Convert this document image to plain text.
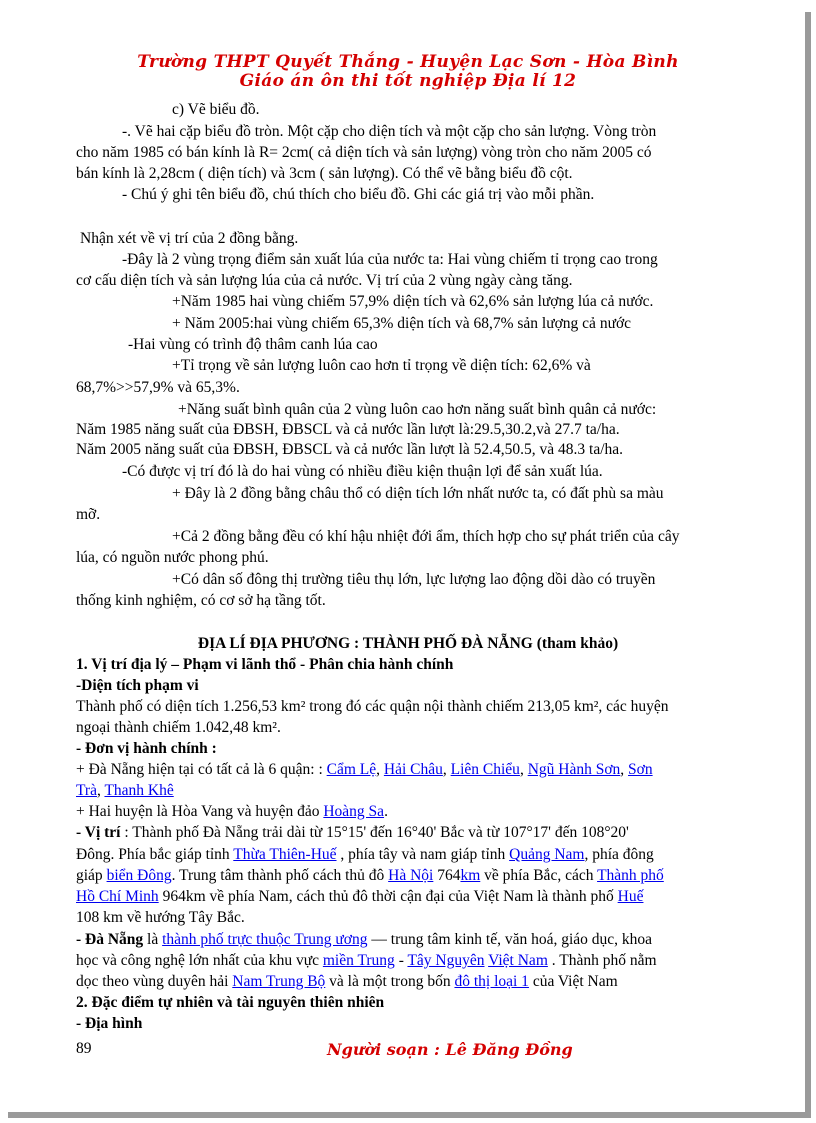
Trường THPT Quyết Thắng - Huyện Lạc Sơn - Hòa Bình
Giáo án ôn thi tốt nghiệp Địa lí 12
c) Vẽ biểu đồ.
-. Vẽ hai cặp biểu đồ tròn. Một cặp cho diện tích và một cặp cho sản lượng. Vòng tròn
cho năm 1985 có bán kính là R= 2cm( cả diện tích và sản lượng) vòng tròn cho năm 2005 có
bán kính là 2,28cm ( diện tích) và 3cm ( sản lượng). Có thể vẽ bằng biểu đồ cột.
- Chú ý ghi tên biểu đồ, chú thích cho biểu đồ. Ghi các giá trị vào mỗi phần.
Nhận xét về vị trí của 2 đồng bằng.
-Đây là 2 vùng trọng điểm sản xuất lúa của nước ta: Hai vùng chiếm tỉ trọng cao trong
cơ cấu diện tích và sản lượng lúa của cả nước. Vị trí của 2 vùng ngày càng tăng.
+Năm 1985 hai vùng chiếm 57,9% diện tích và 62,6% sản lượng lúa cả nước.
+ Năm 2005:hai vùng chiếm 65,3% diện tích và 68,7% sản lượng cả nước
-Hai vùng có trình độ thâm canh lúa cao
+Tỉ trọng về sản lượng luôn cao hơn tỉ trọng về diện tích: 62,6% và
68,7%>>57,9% và 65,3%.
+Năng suất bình quân của 2 vùng luôn cao hơn năng suất bình quân cả nước:
Năm 1985 năng suất của ĐBSH, ĐBSCL và cả nước lần lượt là:29.5,30.2,và 27.7 ta/ha.
Năm 2005 năng suất của ĐBSH, ĐBSCL và cả nước lần lượt là 52.4,50.5, và 48.3 ta/ha.
-Có được vị trí đó là do hai vùng có nhiều điều kiện thuận lợi để sản xuất lúa.
+ Đây là 2 đồng bằng châu thổ có diện tích lớn nhất nước ta, có đất phù sa màu
mỡ.
+Cả 2 đồng bằng đều có khí hậu nhiệt đới ẩm, thích hợp cho sự phát triển của cây
lúa, có nguồn nước phong phú.
+Có dân số đông thị trường tiêu thụ lớn, lực lượng lao động dồi dào có truyền
thống kinh nghiệm, có cơ sở hạ tầng tốt.
ĐỊA LÍ ĐỊA PHƯƠNG : THÀNH PHỐ ĐÀ NẴNG (tham khảo)
1. Vị trí địa lý – Phạm vi lãnh thổ - Phân chia hành chính
-Diện tích phạm vi
Thành phố có diện tích 1.256,53 km² trong đó các quận nội thành chiếm 213,05 km², các huyện
ngoại thành chiếm 1.042,48 km².
- Đơn vị hành chính :
+ Đà Nẵng hiện tại có tất cả là 6 quận: : Cẩm Lệ, Hải Châu, Liên Chiểu, Ngũ Hành Sơn, Sơn
Trà, Thanh Khê
+ Hai huyện là Hòa Vang và huyện đảo Hoàng Sa.
- Vị trí : Thành phố Đà Nẵng trải dài từ 15°15' đến 16°40' Bắc và từ 107°17' đến 108°20'
Đông. Phía bắc giáp tỉnh Thừa Thiên-Huế , phía tây và nam giáp tỉnh Quảng Nam, phía đông
giáp biển Đông. Trung tâm thành phố cách thủ đô Hà Nội 764km về phía Bắc, cách Thành phố
Hồ Chí Minh 964km về phía Nam, cách thủ đô thời cận đại của Việt Nam là thành phố Huế
108 km về hướng Tây Bắc.
- Đà Nẵng là thành phố trực thuộc Trung ương — trung tâm kinh tế, văn hoá, giáo dục, khoa
học và công nghệ lớn nhất của khu vực miền Trung - Tây Nguyên Việt Nam . Thành phố nằm
dọc theo vùng duyên hải Nam Trung Bộ và là một trong bốn đô thị loại 1 của Việt Nam
2. Đặc điểm tự nhiên và tài nguyên thiên nhiên
- Địa hình
89	Người soạn : Lê Đăng Đồng
